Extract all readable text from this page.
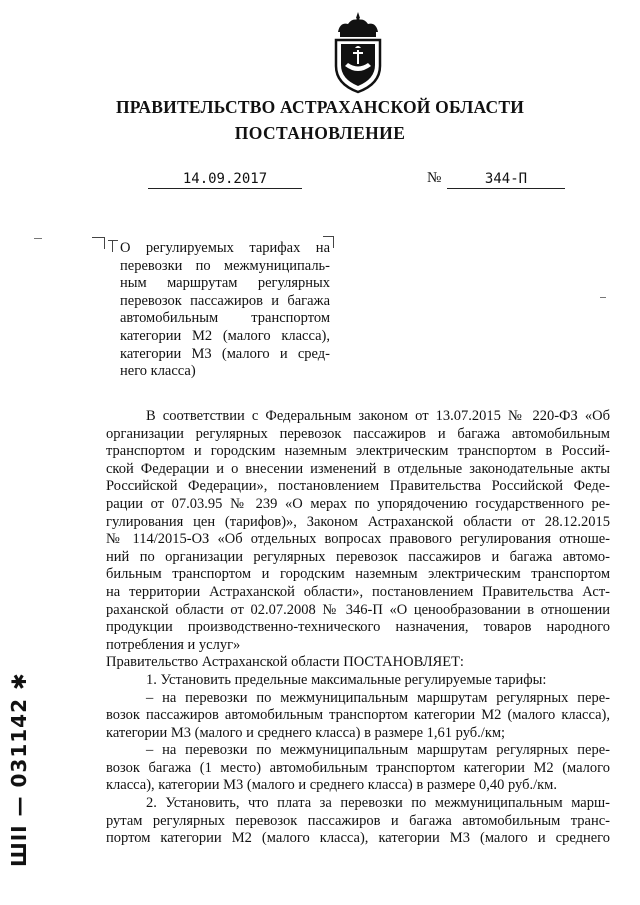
ПРАВИТЕЛЬСТВО АСТРАХАНСКОЙ ОБЛАСТИ
ПОСТАНОВЛЕНИЕ
14.09.2017	№	344-П
О регулируемых тарифах на
перевозки по межмуниципаль-
ным маршрутам регулярных
перевозок пассажиров и багажа
автомобильным транспортом
категории М2 (малого класса),
категории М3 (малого и сред-
него класса)
В соответствии с Федеральным законом от 13.07.2015 № 220-ФЗ «Об
организации регулярных перевозок пассажиров и багажа автомобильным
транспортом и городским наземным электрическим транспортом в Россий-
ской Федерации и о внесении изменений в отдельные законодательные акты
Российской Федерации», постановлением Правительства Российской Феде-
рации от 07.03.95 № 239 «О мерах по упорядочению государственного ре-
гулирования цен (тарифов)», Законом Астраханской области от 28.12.2015
№ 114/2015-ОЗ «Об отдельных вопросах правового регулирования отноше-
ний по организации регулярных перевозок пассажиров и багажа автомо-
бильным транспортом и городским наземным электрическим транспортом
на территории Астраханской области», постановлением Правительства Аст-
раханской области от 02.07.2008 № 346-П «О ценообразовании в отношении
продукции производственно-технического назначения, товаров народного
потребления и услуг»
Правительство Астраханской области ПОСТАНОВЛЯЕТ:
1. Установить предельные максимальные регулируемые тарифы:
– на перевозки по межмуниципальным маршрутам регулярных пере-
возок пассажиров автомобильным транспортом категории М2 (малого класса),
категории М3 (малого и среднего класса) в размере 1,61 руб./км;
– на перевозки по межмуниципальным маршрутам регулярных пере-
возок багажа (1 место) автомобильным транспортом категории М2 (малого
класса), категории М3 (малого и среднего класса) в размере 0,40 руб./км.
2. Установить, что плата за перевозки по межмуниципальным марш-
рутам регулярных перевозок пассажиров и багажа автомобильным транс-
портом категории М2 (малого класса), категории М3 (малого и среднего
ШII — 031142 ✱
